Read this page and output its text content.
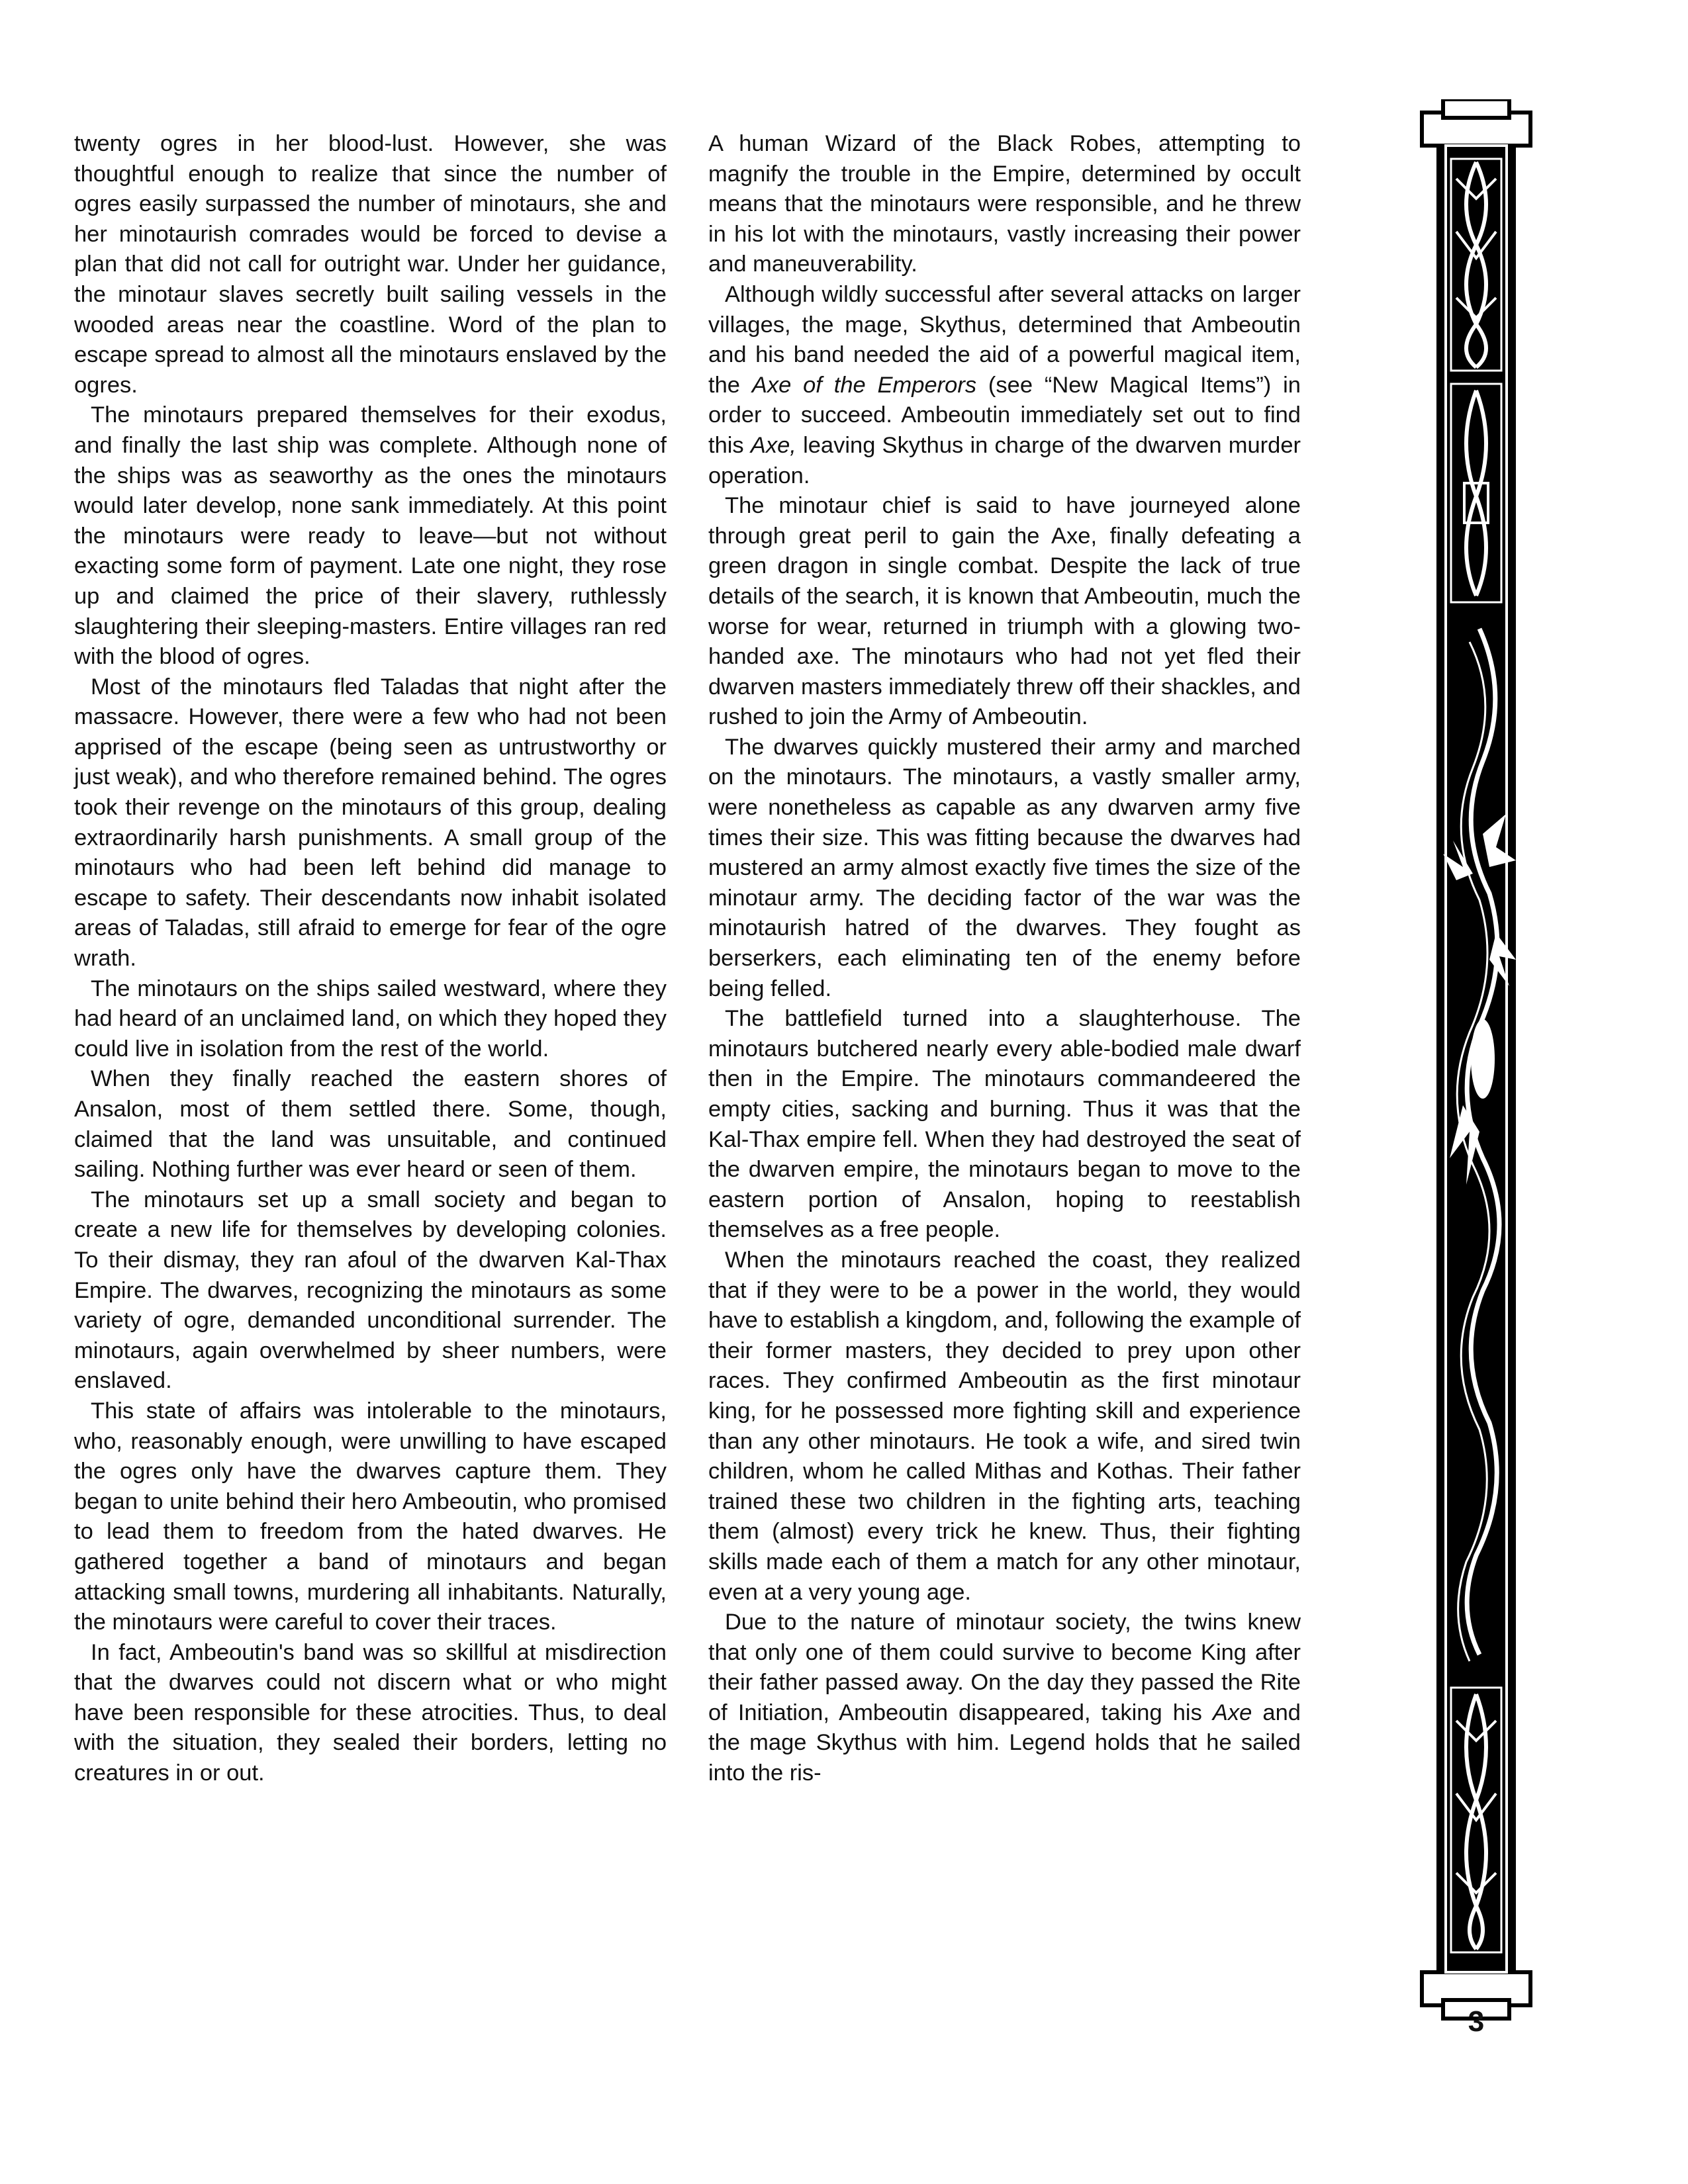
twenty ogres in her blood-lust. However, she was thoughtful enough to realize that since the number of ogres easily surpassed the number of minotaurs, she and her minotaurish comrades would be forced to devise a plan that did not call for outright war. Under her guidance, the minotaur slaves secretly built sailing vessels in the wooded areas near the coastline. Word of the plan to escape spread to almost all the minotaurs enslaved by the ogres.

The minotaurs prepared themselves for their exodus, and finally the last ship was complete. Although none of the ships was as seaworthy as the ones the minotaurs would later develop, none sank immediately. At this point the minotaurs were ready to leave—but not without exacting some form of payment. Late one night, they rose up and claimed the price of their slavery, ruthlessly slaughtering their sleeping-masters. Entire villages ran red with the blood of ogres.

Most of the minotaurs fled Taladas that night after the massacre. However, there were a few who had not been apprised of the escape (being seen as untrustworthy or just weak), and who therefore remained behind. The ogres took their revenge on the minotaurs of this group, dealing extraordinarily harsh punishments. A small group of the minotaurs who had been left behind did manage to escape to safety. Their descendants now inhabit isolated areas of Taladas, still afraid to emerge for fear of the ogre wrath.

The minotaurs on the ships sailed westward, where they had heard of an unclaimed land, on which they hoped they could live in isolation from the rest of the world.

When they finally reached the eastern shores of Ansalon, most of them settled there. Some, though, claimed that the land was unsuitable, and continued sailing. Nothing further was ever heard or seen of them.

The minotaurs set up a small society and began to create a new life for themselves by developing colonies. To their dismay, they ran afoul of the dwarven Kal-Thax Empire. The dwarves, recognizing the minotaurs as some variety of ogre, demanded unconditional surrender. The minotaurs, again overwhelmed by sheer numbers, were enslaved.

This state of affairs was intolerable to the minotaurs, who, reasonably enough, were unwilling to have escaped the ogres only have the dwarves capture them. They began to unite behind their hero Ambeoutin, who promised to lead them to freedom from the hated dwarves. He gathered together a band of minotaurs and began attacking small towns, murdering all inhabitants. Naturally, the minotaurs were careful to cover their traces.

In fact, Ambeoutin's band was so skillful at misdirection that the dwarves could not discern what or who might have been responsible for these atrocities. Thus, to deal with the situation, they sealed their borders, letting no creatures in or out.

A human Wizard of the Black Robes, attempting to magnify the trouble in the Empire, determined by occult means that the minotaurs were responsible, and he threw in his lot with the minotaurs, vastly increasing their power and maneuverability.

Although wildly successful after several attacks on larger villages, the mage, Skythus, determined that Ambeoutin and his band needed the aid of a powerful magical item, the Axe of the Emperors (see “New Magical Items”) in order to succeed. Ambeoutin immediately set out to find this Axe, leaving Skythus in charge of the dwarven murder operation.

The minotaur chief is said to have journeyed alone through great peril to gain the Axe, finally defeating a green dragon in single combat. Despite the lack of true details of the search, it is known that Ambeoutin, much the worse for wear, returned in triumph with a glowing two-handed axe. The minotaurs who had not yet fled their dwarven masters immediately threw off their shackles, and rushed to join the Army of Ambeoutin.

The dwarves quickly mustered their army and marched on the minotaurs. The minotaurs, a vastly smaller army, were nonetheless as capable as any dwarven army five times their size. This was fitting because the dwarves had mustered an army almost exactly five times the size of the minotaur army. The deciding factor of the war was the minotaurish hatred of the dwarves. They fought as berserkers, each eliminating ten of the enemy before being felled.

The battlefield turned into a slaughterhouse. The minotaurs butchered nearly every able-bodied male dwarf then in the Empire. The minotaurs commandeered the empty cities, sacking and burning. Thus it was that the Kal-Thax empire fell. When they had destroyed the seat of the dwarven empire, the minotaurs began to move to the eastern portion of Ansalon, hoping to reestablish themselves as a free people.

When the minotaurs reached the coast, they realized that if they were to be a power in the world, they would have to establish a kingdom, and, following the example of their former masters, they decided to prey upon other races. They confirmed Ambeoutin as the first minotaur king, for he possessed more fighting skill and experience than any other minotaurs. He took a wife, and sired twin children, whom he called Mithas and Kothas. Their father trained these two children in the fighting arts, teaching them (almost) every trick he knew. Thus, their fighting skills made each of them a match for any other minotaur, even at a very young age.

Due to the nature of minotaur society, the twins knew that only one of them could survive to become King after their father passed away. On the day they passed the Rite of Initiation, Ambeoutin disappeared, taking his Axe and the mage Skythus with him. Legend holds that he sailed into the ris-

3
